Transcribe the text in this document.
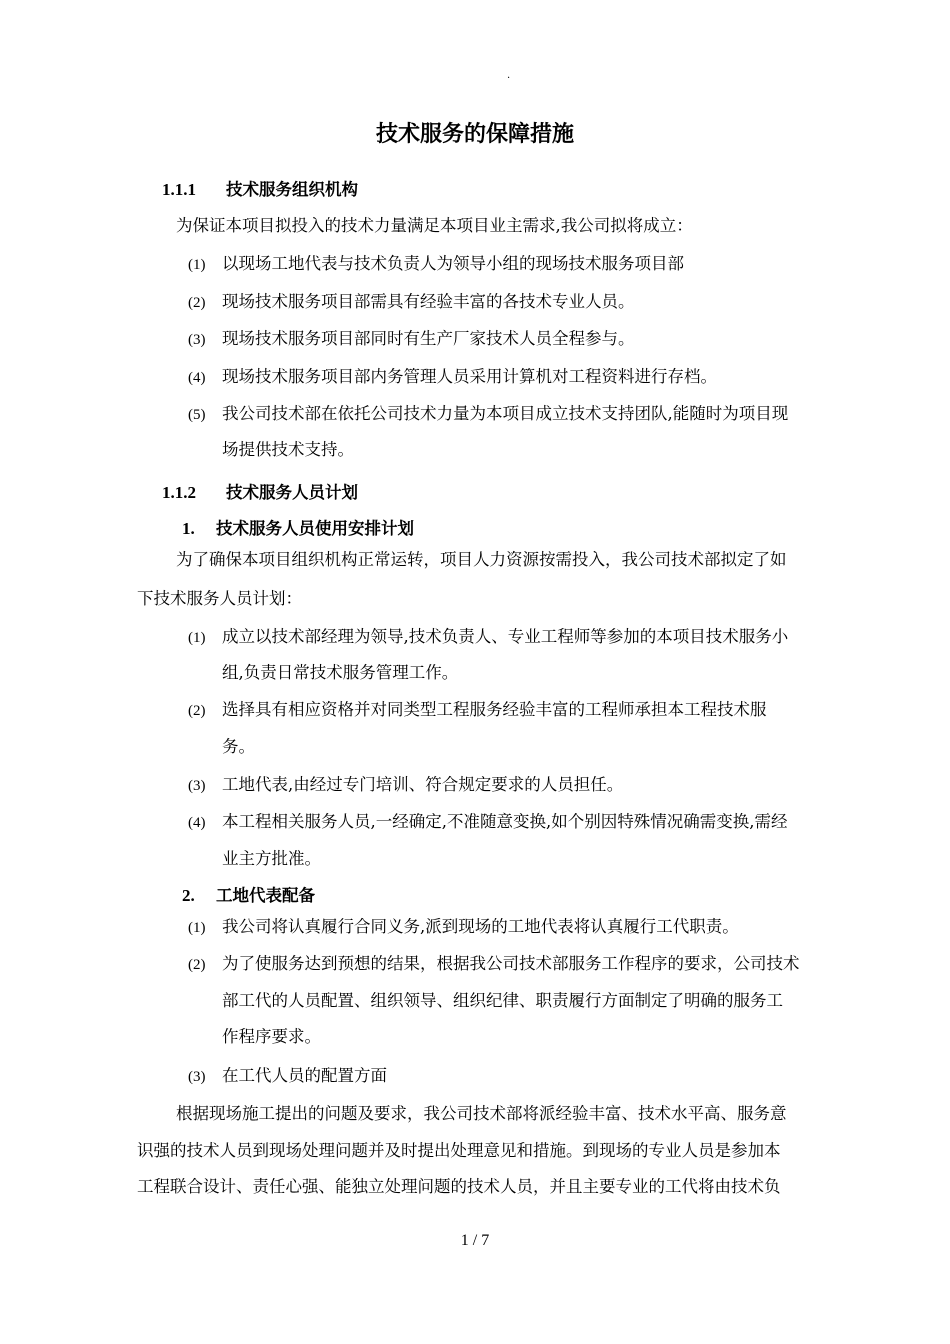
.
技术服务的保障措施
1.1.1 技术服务组织机构
为保证本项目拟投入的技术力量满足本项目业主需求,我公司拟将成立：
(1) 以现场工地代表与技术负责人为领导小组的现场技术服务项目部
(2) 现场技术服务项目部需具有经验丰富的各技术专业人员。
(3) 现场技术服务项目部同时有生产厂家技术人员全程参与。
(4) 现场技术服务项目部内务管理人员采用计算机对工程资料进行存档。
(5) 我公司技术部在依托公司技术力量为本项目成立技术支持团队,能随时为项目现
场提供技术支持。
1.1.2 技术服务人员计划
1. 技术服务人员使用安排计划
为了确保本项目组织机构正常运转，项目人力资源按需投入，我公司技术部拟定了如
下技术服务人员计划：
(1) 成立以技术部经理为领导,技术负责人、专业工程师等参加的本项目技术服务小
组,负责日常技术服务管理工作。
(2) 选择具有相应资格并对同类型工程服务经验丰富的工程师承担本工程技术服
务。
(3) 工地代表,由经过专门培训、符合规定要求的人员担任。
(4) 本工程相关服务人员,一经确定,不准随意变换,如个别因特殊情况确需变换,需经
业主方批准。
2. 工地代表配备
(1) 我公司将认真履行合同义务,派到现场的工地代表将认真履行工代职责。
(2) 为了使服务达到预想的结果，根据我公司技术部服务工作程序的要求，公司技术
部工代的人员配置、组织领导、组织纪律、职责履行方面制定了明确的服务工
作程序要求。
(3) 在工代人员的配置方面
根据现场施工提出的问题及要求，我公司技术部将派经验丰富、技术水平高、服务意
识强的技术人员到现场处理问题并及时提出处理意见和措施。到现场的专业人员是参加本
工程联合设计、责任心强、能独立处理问题的技术人员，并且主要专业的工代将由技术负
1 / 7
